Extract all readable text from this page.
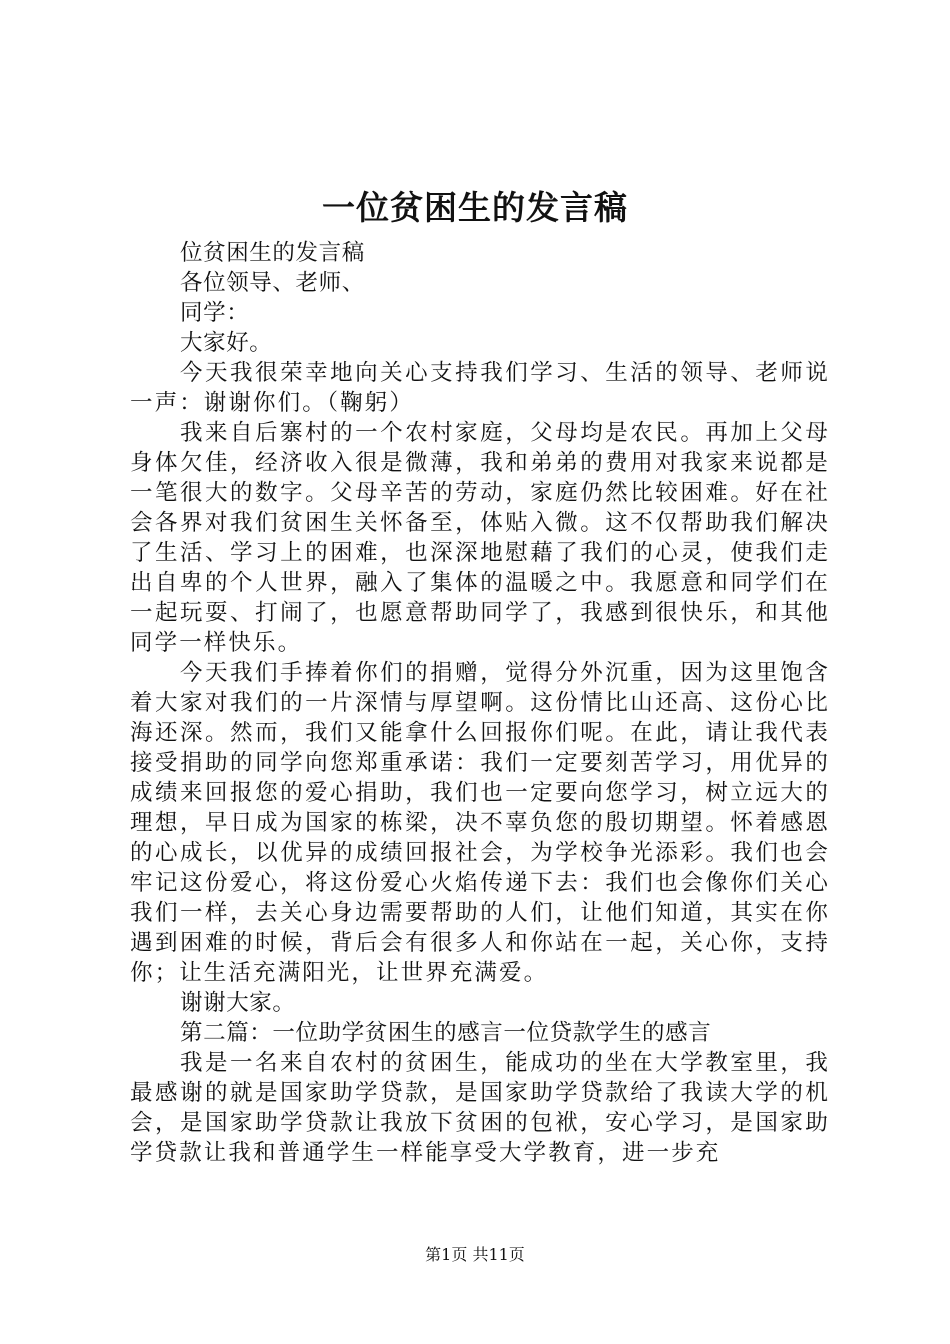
一位贫困生的发言稿

位贫困生的发言稿

各位领导、老师、

同学：

大家好。

今天我很荣幸地向关心支持我们学习、生活的领导、老师说一声：谢谢你们。（鞠躬）

我来自后寨村的一个农村家庭，父母均是农民。再加上父母身体欠佳，经济收入很是微薄，我和弟弟的费用对我家来说都是一笔很大的数字。父母辛苦的劳动，家庭仍然比较困难。好在社会各界对我们贫困生关怀备至，体贴入微。这不仅帮助我们解决了生活、学习上的困难，也深深地慰藉了我们的心灵，使我们走出自卑的个人世界，融入了集体的温暖之中。我愿意和同学们在一起玩耍、打闹了，也愿意帮助同学了，我感到很快乐，和其他同学一样快乐。

今天我们手捧着你们的捐赠，觉得分外沉重，因为这里饱含着大家对我们的一片深情与厚望啊。这份情比山还高、这份心比海还深。然而，我们又能拿什么回报你们呢。在此，请让我代表接受捐助的同学向您郑重承诺：我们一定要刻苦学习，用优异的成绩来回报您的爱心捐助，我们也一定要向您学习，树立远大的理想，早日成为国家的栋梁，决不辜负您的殷切期望。怀着感恩的心成长，以优异的成绩回报社会，为学校争光添彩。我们也会牢记这份爱心，将这份爱心火焰传递下去：我们也会像你们关心我们一样，去关心身边需要帮助的人们，让他们知道，其实在你遇到困难的时候，背后会有很多人和你站在一起，关心你，支持你；让生活充满阳光，让世界充满爱。

谢谢大家。

第二篇：一位助学贫困生的感言一位贷款学生的感言

我是一名来自农村的贫困生，能成功的坐在大学教室里，我最感谢的就是国家助学贷款，是国家助学贷款给了我读大学的机会，是国家助学贷款让我放下贫困的包袱，安心学习，是国家助学贷款让我和普通学生一样能享受大学教育，进一步充

第1页 共11页
